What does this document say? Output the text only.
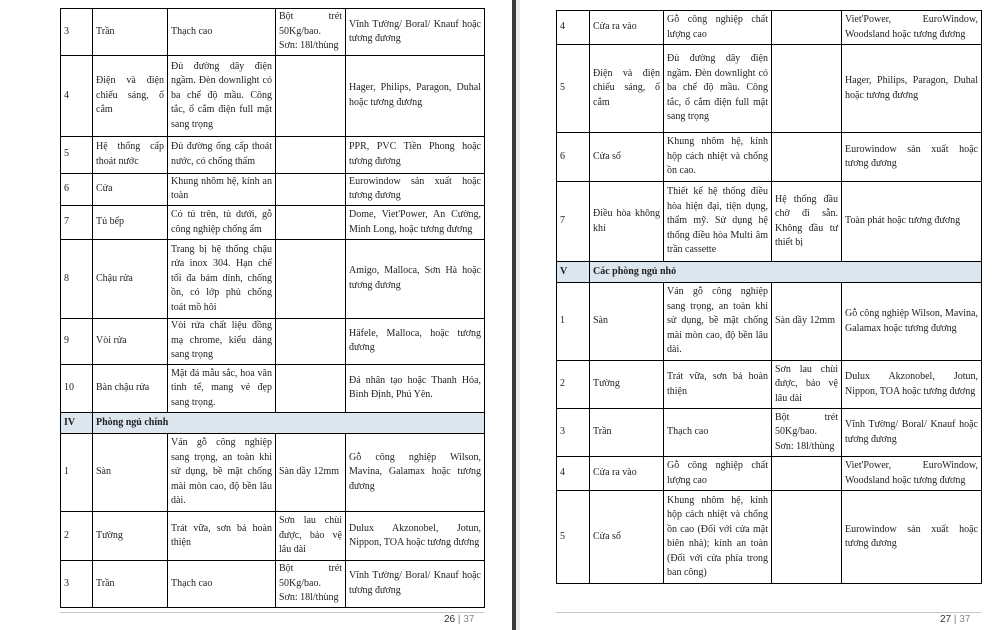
3	Trần	Thạch cao	Bột trét 50Kg/bao. Sơn: 18l/thùng	Vĩnh Tường/ Boral/ Knauf hoặc tương đương
4	Điện và điện chiếu sáng, ổ cắm	Đủ đường dây điện ngầm. Đèn downlight có ba chế độ mầu. Công tắc, ổ cắm điện full mặt sang trọng		Hager, Philips, Paragon, Duhal hoặc tương đương
5	Hệ thống cấp thoát nước	Đủ đường ống cấp thoát nước, có chống thấm		PPR, PVC Tiền Phong hoặc tương đương
6	Cửa	Khung nhôm hệ, kính an toàn		Eurowindow sản xuất hoặc tương đương
7	Tủ bếp	Có tủ trên, tủ dưới, gỗ công nghiệp chống ẩm		Dome, Viet'Power, An Cường, Minh Long, hoặc tương đương
8	Chậu rửa	Trang bị hệ thống chậu rửa inox 304. Hạn chế tối đa bám dính, chống ồn, có lớp phủ chống toát mồ hôi		Amigo, Malloca, Sơn Hà hoặc tương đương
9	Vòi rửa	Vòi rửa chất liệu đồng mạ chrome, kiểu dáng sang trọng		Häfele, Malloca, hoặc tương đương
10	Bàn chậu rửa	Mặt đá mẫu sắc, hoa văn tinh tế, mang vẻ đẹp sang trọng.		Đá nhân tạo hoặc Thanh Hóa, Bình Định, Phú Yên.
IV	Phòng ngủ chính			
1	Sàn	Ván gỗ công nghiệp sang trọng, an toàn khi sử dụng, bề mặt chống mài mòn cao, độ bền lâu dài.	Sàn dầy 12mm	Gỗ công nghiệp Wilson, Mavina, Galamax hoặc tương đương
2	Tường	Trát vữa, sơn bả hoàn thiện	Sơn lau chùi được, bảo vệ lâu dài	Dulux Akzonobel, Jotun, Nippon, TOA hoặc tương đương
3	Trần	Thạch cao	Bột trét 50Kg/bao. Sơn: 18l/thùng	Vĩnh Tường/ Boral/ Knauf hoặc tương đương
26 | 37
4	Cửa ra vào	Gỗ công nghiệp chất lượng cao		Viet'Power, EuroWindow, Woodsland hoặc tương đương
5	Điện và điện chiếu sáng, ổ cắm	Đủ đường dây điện ngầm. Đèn downlight có ba chế độ mầu. Công tắc, ổ cắm điện full mặt sang trọng		Hager, Philips, Paragon, Duhal hoặc tương đương
6	Cửa sổ	Khung nhôm hệ, kính hộp cách nhiệt và chống ồn cao.		Eurowindow sản xuất hoặc tương đương
7	Điều hòa không khí	Thiết kế hệ thống điều hòa hiện đại, tiện dụng, thẩm mỹ. Sử dụng hệ thống điều hòa Multi âm trần cassette	Hệ thống đầu chờ đi sẵn. Không đầu tư thiết bị	Toàn phát hoặc tương đương
V	Các phòng ngủ nhỏ			
1	Sàn	Ván gỗ công nghiệp sang trọng, an toàn khi sử dụng, bề mặt chống mài mòn cao, độ bền lâu dài.	Sàn dầy 12mm	Gỗ công nghiệp Wilson, Mavina, Galamax hoặc tương đương
2	Tường	Trát vữa, sơn bả hoàn thiện	Sơn lau chùi được, bảo vệ lâu dài	Dulux Akzonobel, Jotun, Nippon, TOA hoặc tương đương
3	Trần	Thạch cao	Bột trét 50Kg/bao. Sơn: 18l/thùng	Vĩnh Tường/ Boral/ Knauf hoặc tương đương
4	Cửa ra vào	Gỗ công nghiệp chất lượng cao		Viet'Power, EuroWindow, Woodsland hoặc tương đương
5	Cửa sổ	Khung nhôm hệ, kính hộp cách nhiệt và chống ồn cao (Đối với cửa mặt biên nhà); kính an toàn (Đối với cửa phía trong ban công)		Eurowindow sản xuất hoặc tương đương
27 | 37
